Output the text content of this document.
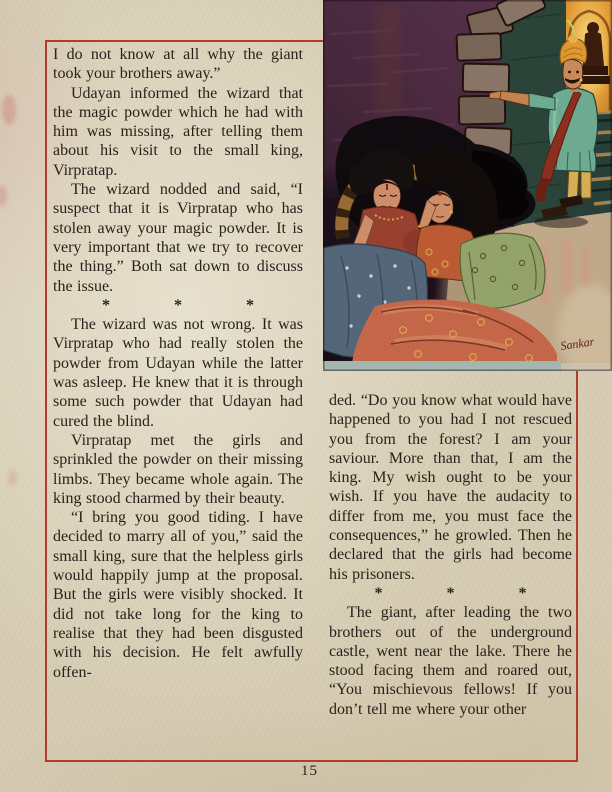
I do not know at all why the giant took your brothers away.”

Udayan informed the wizard that the magic powder which he had with him was missing, after telling them about his visit to the small king, Virpratap.

The wizard nodded and said, “I suspect that it is Virpratap who has stolen away your magic powder. It is very important that we try to recover the thing.” Both sat down to discuss the issue.

* * *

The wizard was not wrong. It was Virpratap who had really stolen the powder from Udayan while the latter was asleep. He knew that it is through some such powder that Udayan had cured the blind.

Virpratap met the girls and sprinkled the powder on their missing limbs. They became whole again. The king stood charmed by their beauty.

“I bring you good tiding. I have decided to marry all of you,” said the small king, sure that the helpless girls would happily jump at the proposal. But the girls were visibly shocked. It did not take long for the king to realise that they had been disgusted with his decision. He felt awfully offen-

ded. “Do you know what would have happened to you had I not rescued you from the forest? I am your saviour. More than that, I am the king. My wish ought to be your wish. If you have the audacity to differ from me, you must face the consequences,” he growled. Then he declared that the girls had become his prisoners.

* * *

The giant, after leading the two brothers out of the underground castle, went near the lake. There he stood facing them and roared out, “You mischievous fellows! If you don’t tell me where your other

15
